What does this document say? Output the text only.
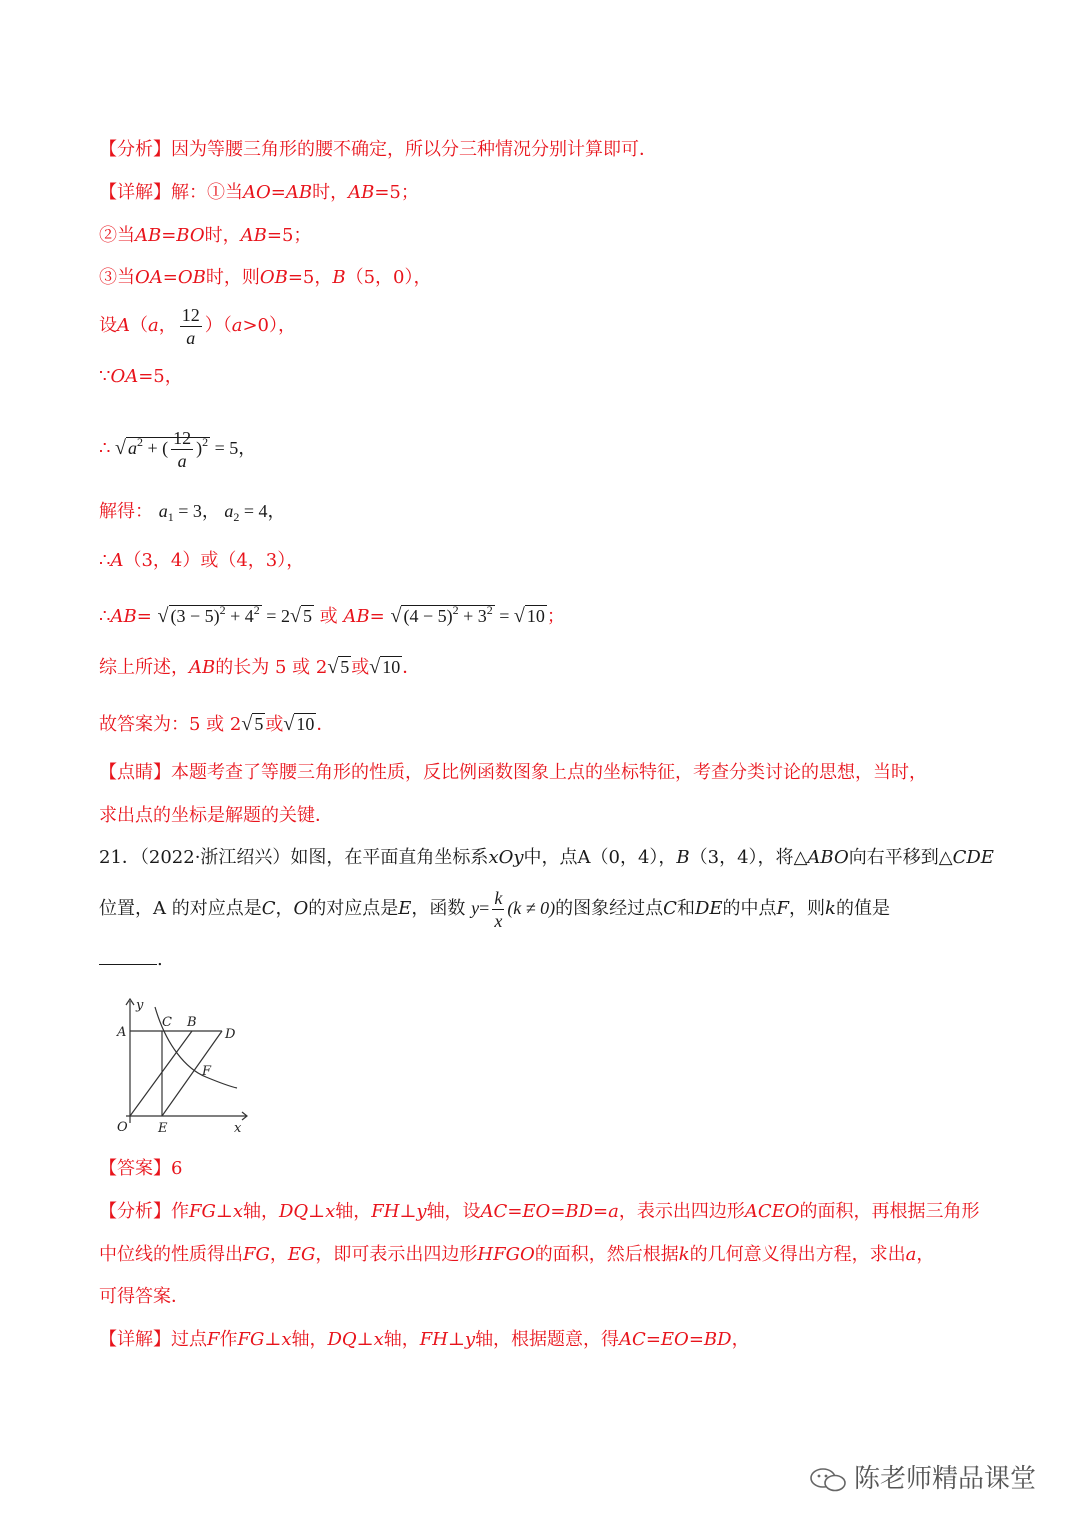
【分析】因为等腰三角形的腰不确定，所以分三种情况分别计算即可．
【详解】解：①当AO=AB时，AB=5；
②当AB=BO时，AB=5；
③当OA=OB时，则OB=5，B（5，0），
设A（a， $\frac{12}{a} )(a>0)$，
∵OA=5，
∴ √ $a^2$ + ( $\frac{12}{a} )^2 = 5$，
解得： $a_1 = 3$， $a_2 = 4$，
∴A（3，4）或（4，3），
∴AB= √ $(3 - 5)^2 + 4^2 = 2√$ 5 或 AB= √ $(4 - 5)^2 + 3^2$ = √ 10 ；
综上所述，AB的长为 5 或 2√ 5 或√ 10 ．
故答案为：5 或 2√ 5 或√ 10 ．
【点睛】本题考查了等腰三角形的性质，反比例函数图象上点的坐标特征，考查分类讨论的思想，当时，
求出点的坐标是解题的关键．
21．（2022·浙江绍兴）如图，在平面直角坐标系xOy中，点A（0，4），B（3，4），将△ABO向右平移到△CDE
位置，A 的对应点是C，O的对应点是E，函数 $y= \frac{k}{x} (k \ne 0)$的图象经过点C和DE的中点F，则k的值是
.
y
x
O E
A
C B
D
F
【答案】6
【分析】作FG⊥x轴，DQ⊥x轴，FH⊥y轴，设AC=EO=BD=a，表示出四边形ACEO的面积，再根据三角形
中位线的性质得出FG，EG，即可表示出四边形HFGO的面积，然后根据k的几何意义得出方程，求出a，
可得答案．
【详解】过点F作FG⊥x轴，DQ⊥x轴，FH⊥y轴，根据题意，得AC=EO=BD，
陈老师精品课堂
